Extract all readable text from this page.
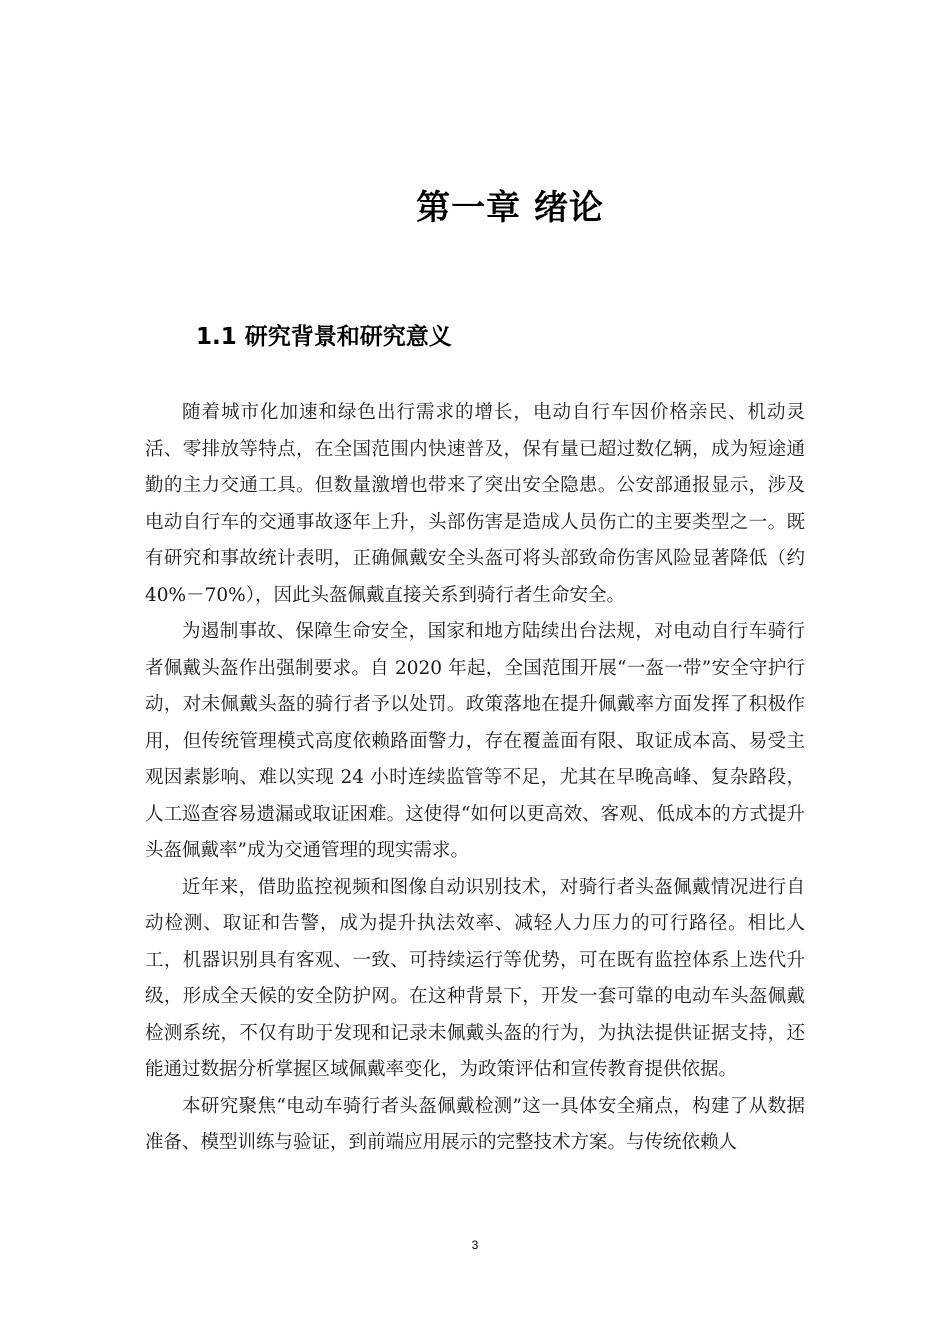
第一章 绪论
1.1 研究背景和研究意义

随着城市化加速和绿色出行需求的增长，电动自行车因价格亲民、机动灵活、零排放等特点，在全国范围内快速普及，保有量已超过数亿辆，成为短途通勤的主力交通工具。但数量激增也带来了突出安全隐患。公安部通报显示，涉及电动自行车的交通事故逐年上升，头部伤害是造成人员伤亡的主要类型之一。既有研究和事故统计表明，正确佩戴安全头盔可将头部致命伤害风险显著降低（约 40%－70%），因此头盔佩戴直接关系到骑行者生命安全。

为遏制事故、保障生命安全，国家和地方陆续出台法规，对电动自行车骑行者佩戴头盔作出强制要求。自 2020 年起，全国范围开展“一盔一带”安全守护行动，对未佩戴头盔的骑行者予以处罚。政策落地在提升佩戴率方面发挥了积极作用，但传统管理模式高度依赖路面警力，存在覆盖面有限、取证成本高、易受主观因素影响、难以实现 24 小时连续监管等不足，尤其在早晚高峰、复杂路段，人工巡查容易遗漏或取证困难。这使得“如何以更高效、客观、低成本的方式提升头盔佩戴率”成为交通管理的现实需求。

近年来，借助监控视频和图像自动识别技术，对骑行者头盔佩戴情况进行自动检测、取证和告警，成为提升执法效率、减轻人力压力的可行路径。相比人工，机器识别具有客观、一致、可持续运行等优势，可在既有监控体系上迭代升级，形成全天候的安全防护网。在这种背景下，开发一套可靠的电动车头盔佩戴检测系统，不仅有助于发现和记录未佩戴头盔的行为，为执法提供证据支持，还能通过数据分析掌握区域佩戴率变化，为政策评估和宣传教育提供依据。

本研究聚焦“电动车骑行者头盔佩戴检测”这一具体安全痛点，构建了从数据准备、模型训练与验证，到前端应用展示的完整技术方案。与传统依赖人

3
